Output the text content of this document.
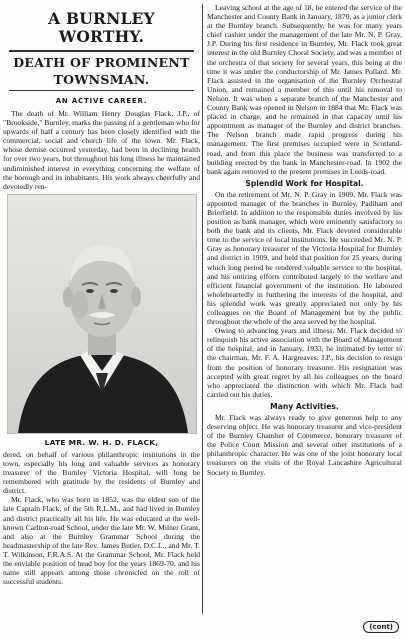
A BURNLEY WORTHY.
DEATH OF PROMINENT
TOWNSMAN.
AN ACTIVE CAREER.

The death of Mr. William Henry Douglas Flack, J.P., of "Brookside," Burnley, marks the passing of a gentleman who for upwards of half a century has been closely identified with the commercial, social and church life of the town. Mr. Flack, whose demise occurred yesterday, had been in declining health for over two years, but throughout his long illness he maintained undiminished interest in everything concerning the welfare of the borough and its inhabitants. His work always cheerfully and devotedly ren-

LATE MR. W. H. D. FLACK,

dered, on behalf of various philanthropic institutions in the town, especially his long and valuable services as honorary treasurer of the Burnley Victoria Hospital, will long be remembered with gratitude by the residents of Burnley and district.

Mr. Flack, who was born in 1852, was the eldest son of the late Captain Flack, of the 5th R.L.M., and had lived in Burnley and district practically all his life. He was educated at the well-known Carlton-road School, under the late Mr. W. Milner Grant, and also at the Burnley Grammar School during the headmastership of the late Rev. James Butler, D.C.L., and Mr. T. T. Wilkinson, F.R.A.S. At the Grammar School, Mr. Flack held the enviable position of head boy for the years 1869-70, and his name still appears among those chronicled on the roll of successful students.

Leaving school at the age of 18, he entered the service of the Manchester and County Bank in January, 1870, as a junior clerk at the Burnley branch. Subsequently, he was for many years chief cashier under the management of the late Mr. N. P. Gray, J.P. During his first residence in Burnley, Mr. Flack took great interest in the old Burnley Choral Society, and was a member of the orchestra of that society for several years, this being at the time it was under the conductorship of Mr. James Pollard. Mr. Flack assisted in the organisation of the Burnley Orchestral Union, and remained a member of this until his removal to Nelson. It was when a separate branch of the Manchester and County Bank was opened in Nelson in 1884 that Mr. Flack was placed in charge, and he remained in that capacity until his appointment as manager of the Burnley and district branches. The Nelson branch made rapid progress during his management. The first premises occupied were in Scotland-road, and from this place the business was transferred to a building erected by the bank in Manchester-road. In 1902 the bank again removed to the present premises in Leeds-road.

Splendid Work for Hospital.

On the retirement of Mr. N. P. Gray in 1909, Mr. Flack was appointed manager of the branches in Burnley, Padiham and Brierfield. In addition to the responsible duties involved by his position as bank manager, which were eminently satisfactory to both the bank and its clients, Mr. Flack devoted considerable time to the service of local institutions. He succeeded Mr. N. P. Gray as honorary treasurer of the Victoria Hospital for Burnley and district in 1909, and held that position for 25 years, during which long period he rendered valuable service to the hospital, and his untiring efforts contributed largely to the welfare and efficient financial government of the institution. He laboured wholeheartedly in furthering the interests of the hospital, and his splendid work was greatly appreciated not only by his colleagues on the Board of Management but by the public throughout the whole of the area served by the hospital.

Owing to advancing years and illness, Mr. Flack decided to relinquish his active association with the Board of Management of the hospital, and in January, 1933, he intimated by letter to the chairman, Mr. F. A. Hargreaves, J.P., his decision to resign from the position of honorary treasurer. His resignation was accepted with great regret by all his colleagues on the board who appreciated the distinction with which Mr. Flack had carried out his duties.

Many Activities.

Mr. Flack was always ready to give generous help to any deserving object. He was honorary treasurer and vice-president of the Burnley Chamber of Commerce, honorary treasurer of the Police Court Mission and several other institutions of a philanthropic character. He was one of the joint honorary local treasurers on the visits of the Royal Lancashire Agricultural Society to Burnley.

(cont)
